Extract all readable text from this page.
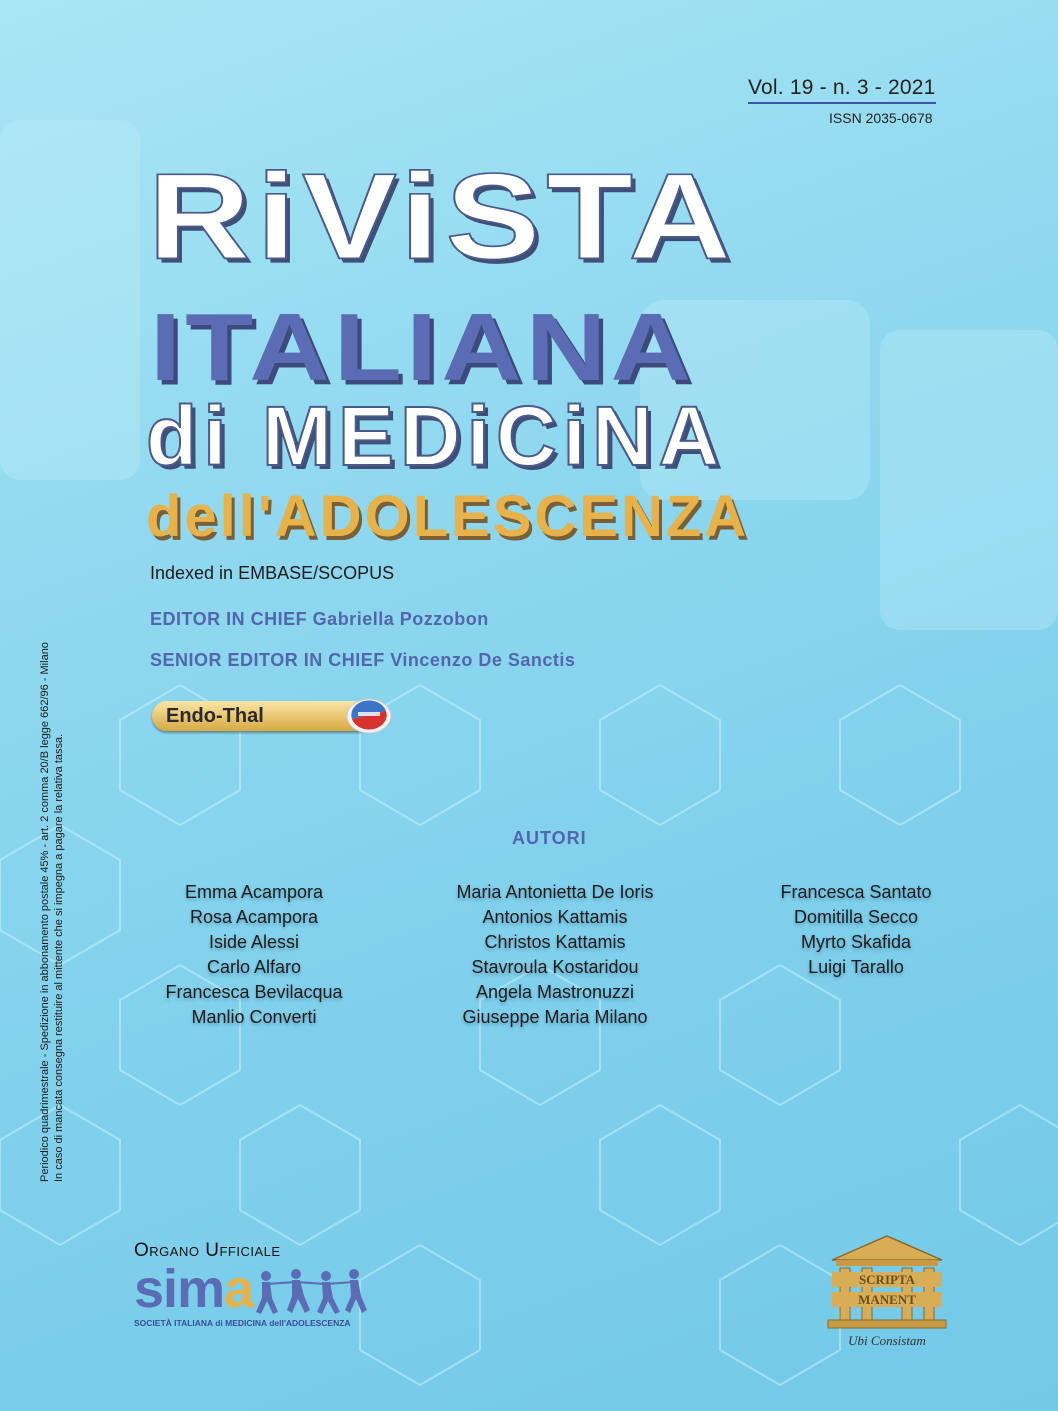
Vol. 19 - n. 3 - 2021
ISSN 2035-0678
RiViSTA
ITALIANA
di MEDiCiNA
dell'ADOLESCENZA
Indexed in EMBASE/SCOPUS
EDITOR IN CHIEF Gabriella Pozzobon
SENIOR EDITOR IN CHIEF Vincenzo De Sanctis
Endo-Thal
AUTORI
Emma Acampora
Rosa Acampora
Iside Alessi
Carlo Alfaro
Francesca Bevilacqua
Manlio Converti
Maria Antonietta De Ioris
Antonios Kattamis
Christos Kattamis
Stavroula Kostaridou
Angela Mastronuzzi
Giuseppe Maria Milano
Francesca Santato
Domitilla Secco
Myrto Skafida
Luigi Tarallo
Periodico quadrimestrale - Spedizione in abbonamento postale 45% - art. 2 comma 20/B legge 662/96 - Milano In caso di mancata consegna restituire al mittente che si impegna a pagare la relativa tassa.
Organo Ufficiale
sima
SOCIETÀ ITALIANA di MEDICINA dell'ADOLESCENZA
SCRIPTA
MANENT
Ubi Consistam
